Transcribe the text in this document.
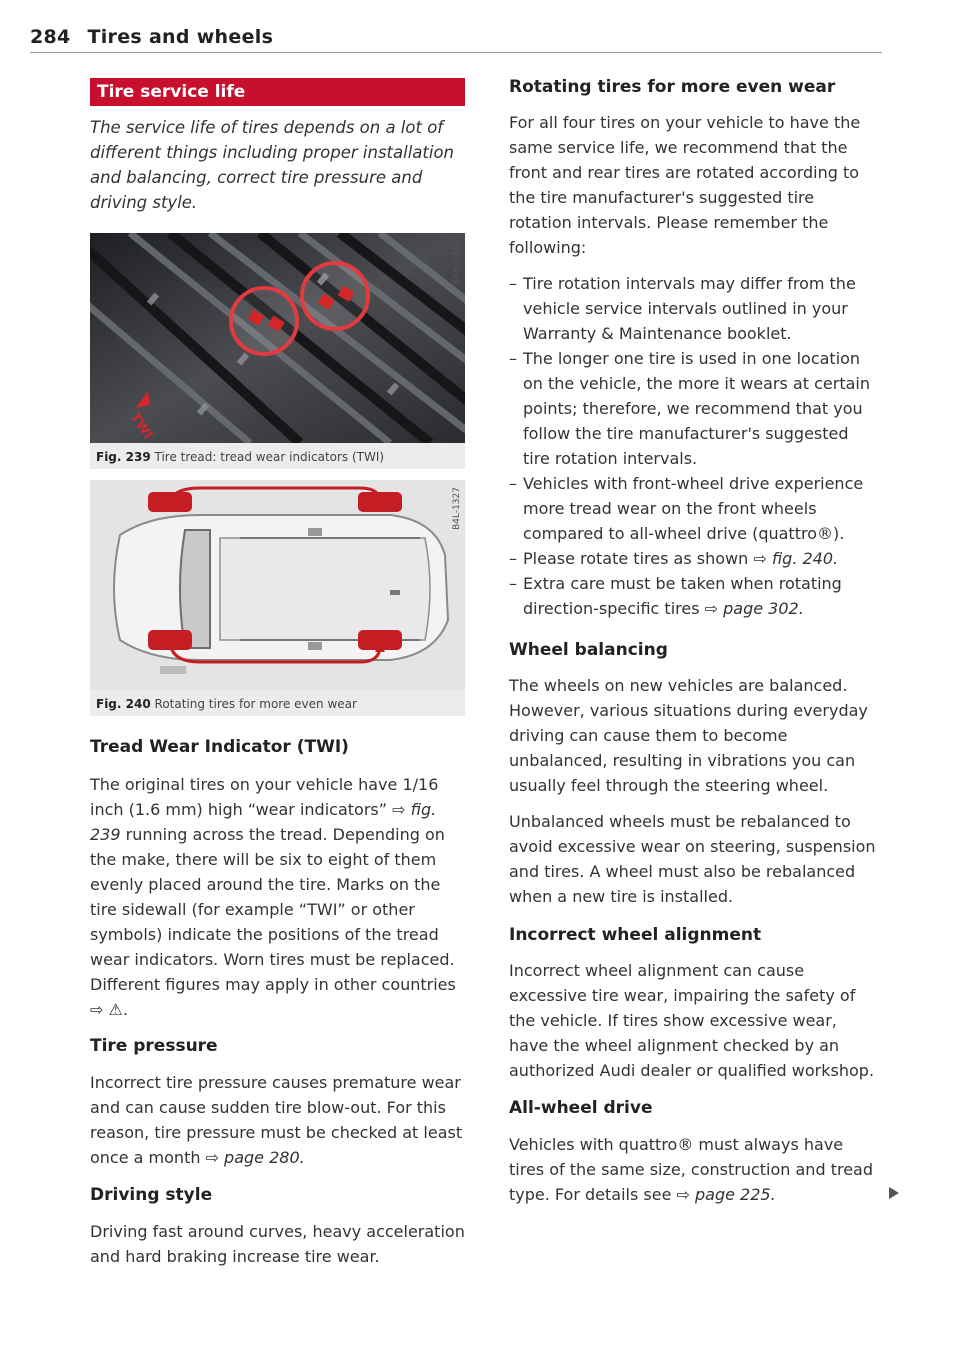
284 Tires and wheels
Tire service life
The service life of tires depends on a lot of different things including proper installation and balancing, correct tire pressure and driving style.
TWI
Fig. 239 Tire tread: tread wear indicators (TWI)
B4H-0415
Fig. 240 Rotating tires for more even wear
B4L-1327
Tread Wear Indicator (TWI)
The original tires on your vehicle have 1/16 inch (1.6 mm) high “wear indicators” ⇨ fig. 239 running across the tread. Depending on the make, there will be six to eight of them evenly placed around the tire. Marks on the tire sidewall (for example “TWI” or other symbols) indicate the positions of the tread wear indicators. Worn tires must be replaced. Different figures may apply in other countries ⇨ ⚠.
Tire pressure
Incorrect tire pressure causes premature wear and can cause sudden tire blow-out. For this reason, tire pressure must be checked at least once a month ⇨ page 280.
Driving style
Driving fast around curves, heavy acceleration and hard braking increase tire wear.
Rotating tires for more even wear
For all four tires on your vehicle to have the same service life, we recommend that the front and rear tires are rotated according to the tire manufacturer's suggested tire rotation intervals. Please remember the following:
– Tire rotation intervals may differ from the vehicle service intervals outlined in your Warranty & Maintenance booklet.
– The longer one tire is used in one location on the vehicle, the more it wears at certain points; therefore, we recommend that you follow the tire manufacturer's suggested tire rotation intervals.
– Vehicles with front-wheel drive experience more tread wear on the front wheels compared to all-wheel drive (quattro®).
– Please rotate tires as shown ⇨ fig. 240.
– Extra care must be taken when rotating direction-specific tires ⇨ page 302.
Wheel balancing
The wheels on new vehicles are balanced. However, various situations during everyday driving can cause them to become unbalanced, resulting in vibrations you can usually feel through the steering wheel.
Unbalanced wheels must be rebalanced to avoid excessive wear on steering, suspension and tires. A wheel must also be rebalanced when a new tire is installed.
Incorrect wheel alignment
Incorrect wheel alignment can cause excessive tire wear, impairing the safety of the vehicle. If tires show excessive wear, have the wheel alignment checked by an authorized Audi dealer or qualified workshop.
All-wheel drive
Vehicles with quattro® must always have tires of the same size, construction and tread type. For details see ⇨ page 225.
